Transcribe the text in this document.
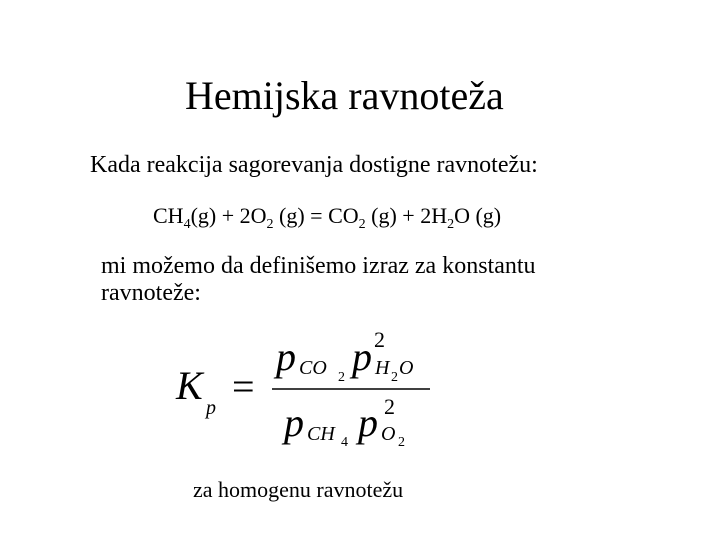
Hemijska ravnoteža
Kada reakcija sagorevanja dostigne ravnotežu:
$CH_4(g) + 2O_2$ $(g) = CO_2$ $(g) + 2H_2O$ (g)
mi možemo da definišemo izraz za konstantu ravnoteže:
K p =
p CO 2 p H 2 O
2
p CH 4 p O 2
2
za homogenu ravnotežu
